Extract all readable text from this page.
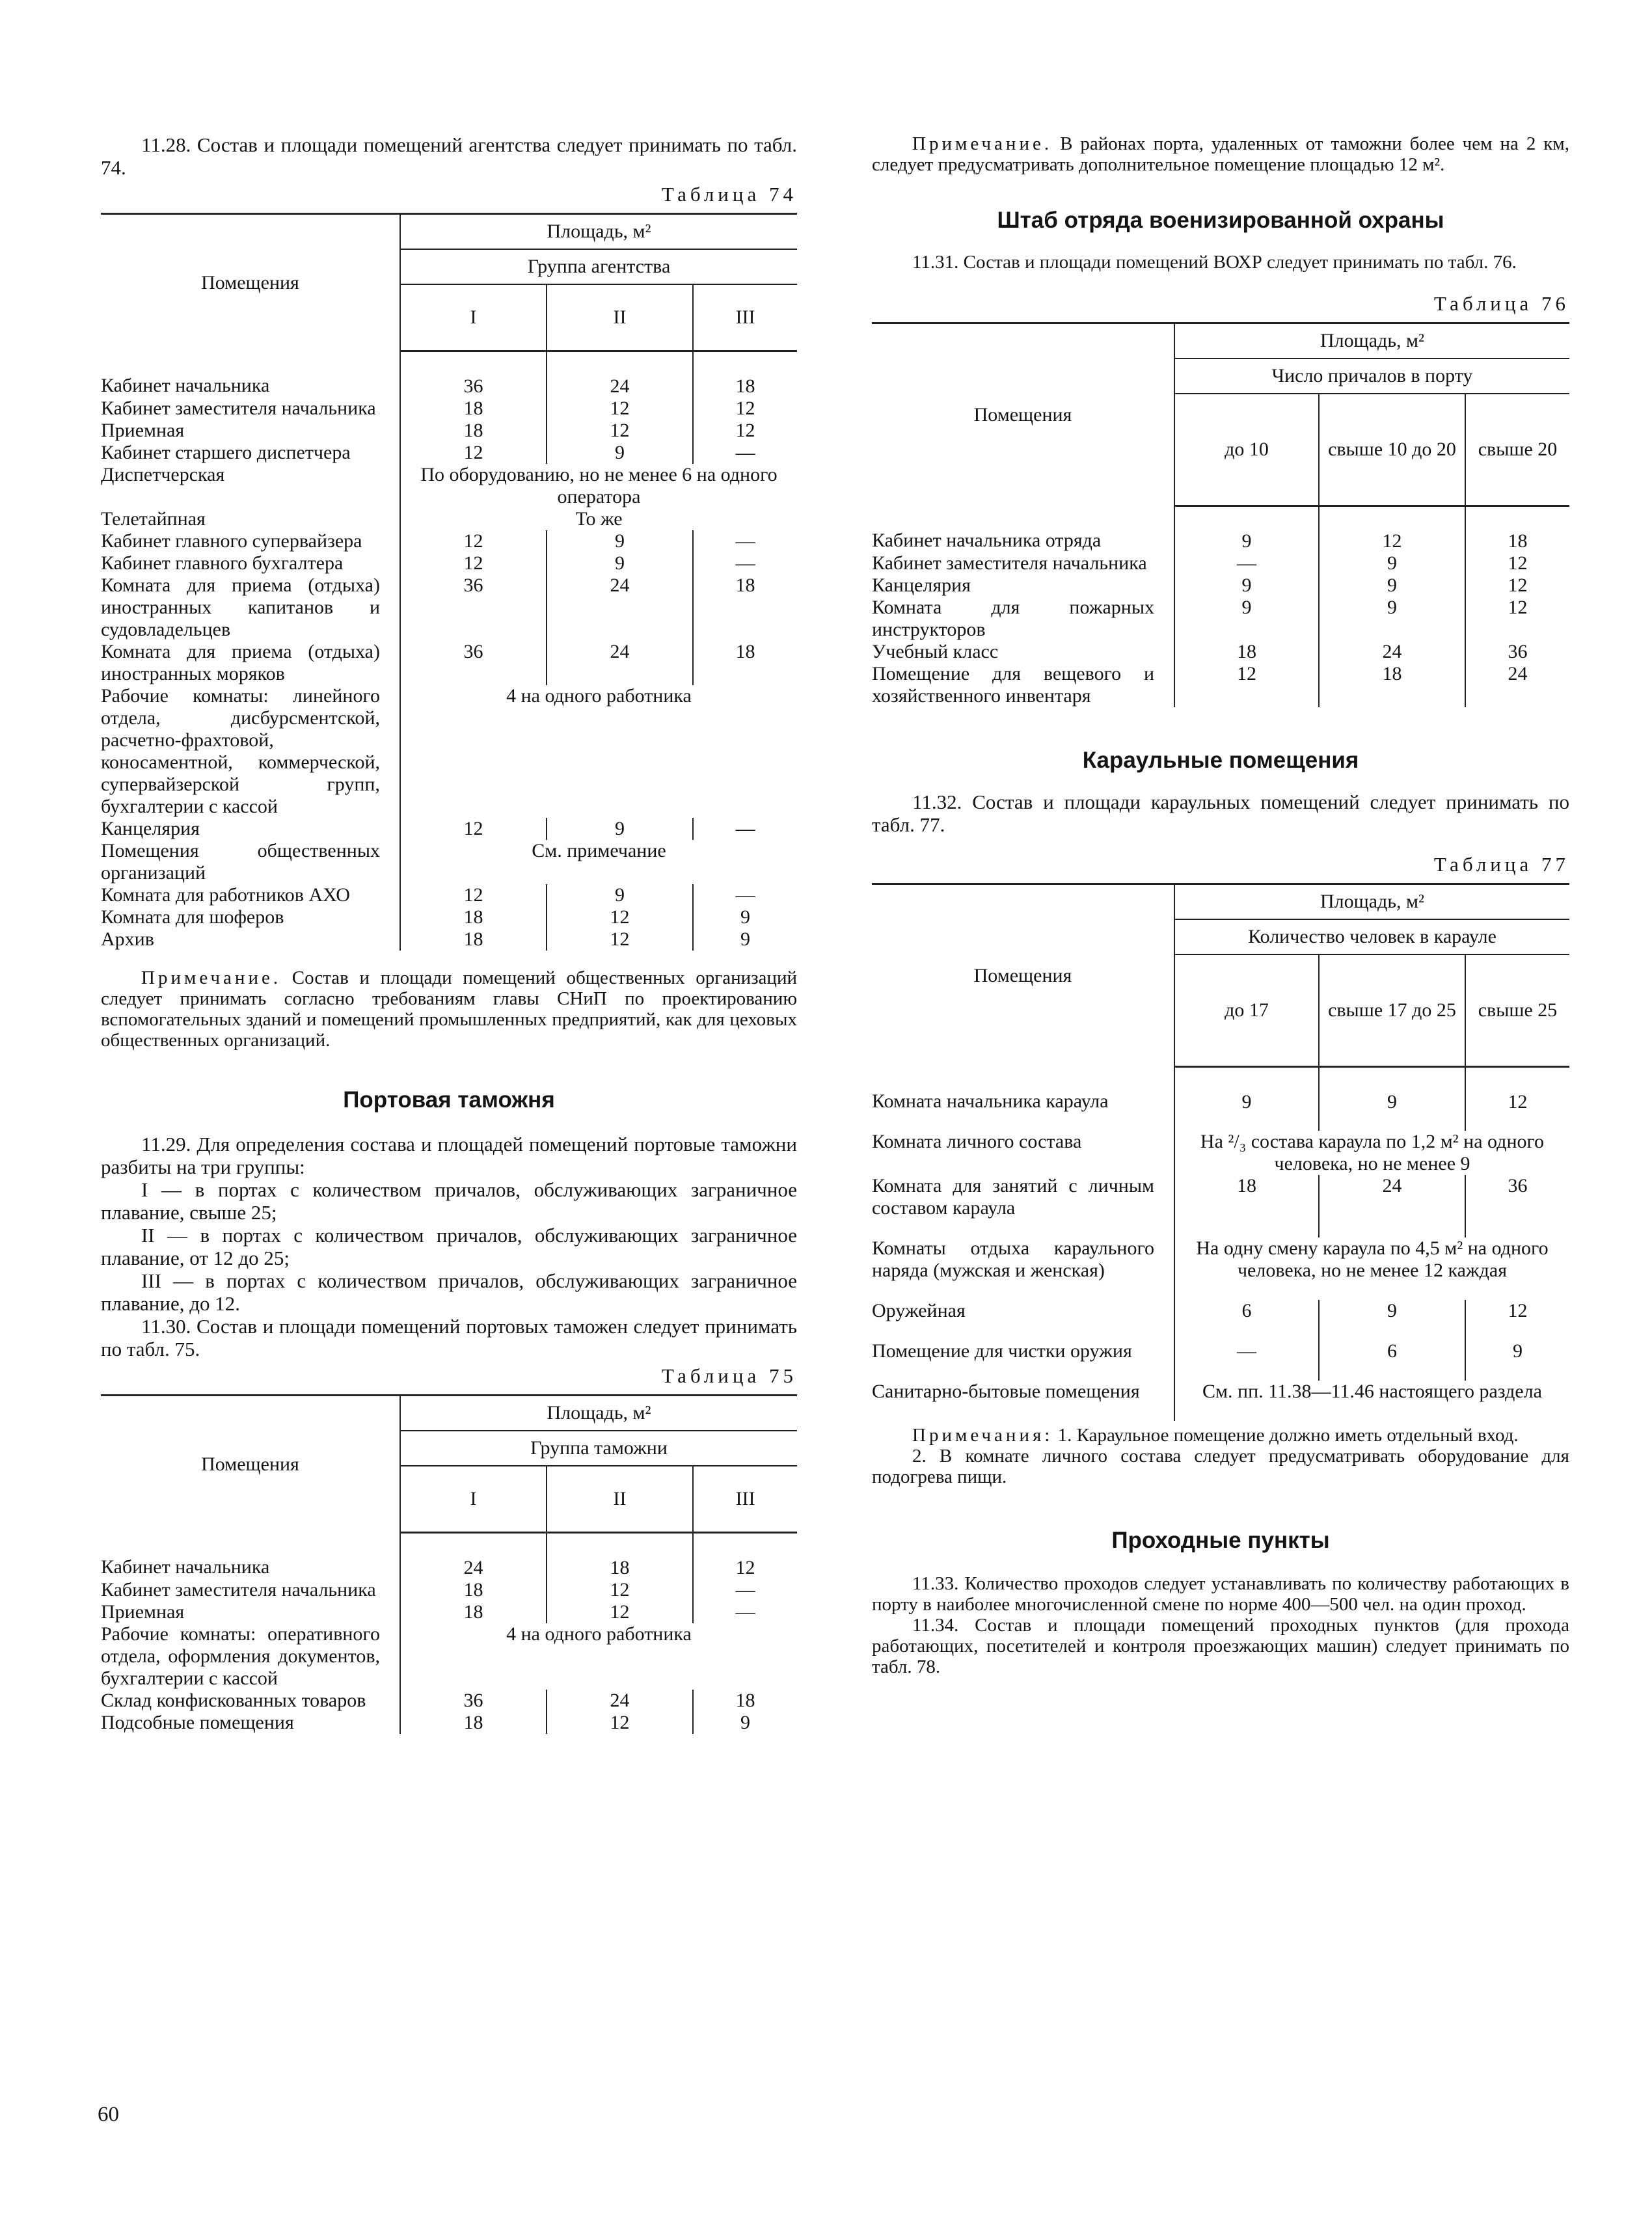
11.28. Состав и площади помещений агентства следует принимать по табл. 74.

Таблица 74
Помещения	Площадь, м²		
	Группа агентства		
	I	II	III
Кабинет начальника	36	24	18
Кабинет заместителя начальника	18	12	12
Приемная	18	12	12
Кабинет старшего диспетчера	12	9	—
Диспетчерская	По оборудованию, но не менее 6 на одного оператора		
Телетайпная	То же		
Кабинет главного супервайзера	12	9	—
Кабинет главного бухгалтера	12	9	—
Комната для приема (отдыха) иностранных капитанов и судовладельцев	36	24	18
Комната для приема (отдыха) иностранных моряков	36	24	18
Рабочие комнаты: линейного отдела, дисбурсментской, расчетно-фрахтовой, коносаментной, коммерческой, супервайзерской групп, бухгалтерии с кассой	4 на одного работника		
Канцелярия	12	9	—
Помещения общественных организаций	См. примечание		
Комната для работников АХО	12	9	—
Комната для шоферов	18	12	9
Архив	18	12	9

Примечание. Состав и площади помещений общественных организаций следует принимать согласно требованиям главы СНиП по проектированию вспомогательных зданий и помещений промышленных предприятий, как для цеховых общественных организаций.

Портовая таможня

11.29. Для определения состава и площадей помещений портовые таможни разбиты на три группы:

I — в портах с количеством причалов, обслуживающих заграничное плавание, свыше 25;

II — в портах с количеством причалов, обслуживающих заграничное плавание, от 12 до 25;

III — в портах с количеством причалов, обслуживающих заграничное плавание, до 12.

11.30. Состав и площади помещений портовых таможен следует принимать по табл. 75.

Таблица 75
Помещения	Площадь, м²		
	Группа таможни		
	I	II	III
Кабинет начальника	24	18	12
Кабинет заместителя начальника	18	12	—
Приемная	18	12	—
Рабочие комнаты: оперативного отдела, оформления документов, бухгалтерии с кассой	4 на одного работника		
Склад конфискованных товаров	36	24	18
Подсобные помещения	18	12	9

Примечание. В районах порта, удаленных от таможни более чем на 2 км, следует предусматривать дополнительное помещение площадью 12 м².

Штаб отряда военизированной охраны

11.31. Состав и площади помещений ВОХР следует принимать по табл. 76.

Таблица 76
Помещения	Площадь, м²		
	Число причалов в порту		
	до 10	свыше 10 до 20	свыше 20
Кабинет начальника отряда	9	12	18
Кабинет заместителя начальника	—	9	12
Канцелярия	9	9	12
Комната для пожарных инструкторов	9	9	12
Учебный класс	18	24	36
Помещение для вещевого и хозяйственного инвентаря	12	18	24
Караульные помещения

11.32. Состав и площади караульных помещений следует принимать по табл. 77.

Таблица 77
Помещения	Площадь, м²		
	Количество человек в карауле		
	до 17	свыше 17 до 25	свыше 25
Комната начальника караула	9	9	12
Комната личного состава	На ²/₃ состава караула по 1,2 м² на одного человека, но не менее 9		
Комната для занятий с личным составом караула	18	24	36
Комнаты отдыха караульного наряда (мужская и женская)	На одну смену караула по 4,5 м² на одного человека, но не менее 12 каждая		
Оружейная	6	9	12
Помещение для чистки оружия	—	6	9
Санитарно-бытовые помещения	См. пп. 11.38—11.46 настоящего раздела		

Примечания: 1. Караульное помещение должно иметь отдельный вход.

2. В комнате личного состава следует предусматривать оборудование для подогрева пищи.

Проходные пункты

11.33. Количество проходов следует устанавливать по количеству работающих в порту в наиболее многочисленной смене по норме 400—500 чел. на один проход.

11.34. Состав и площади помещений проходных пунктов (для прохода работающих, посетителей и контроля проезжающих машин) следует принимать по табл. 78.

60
